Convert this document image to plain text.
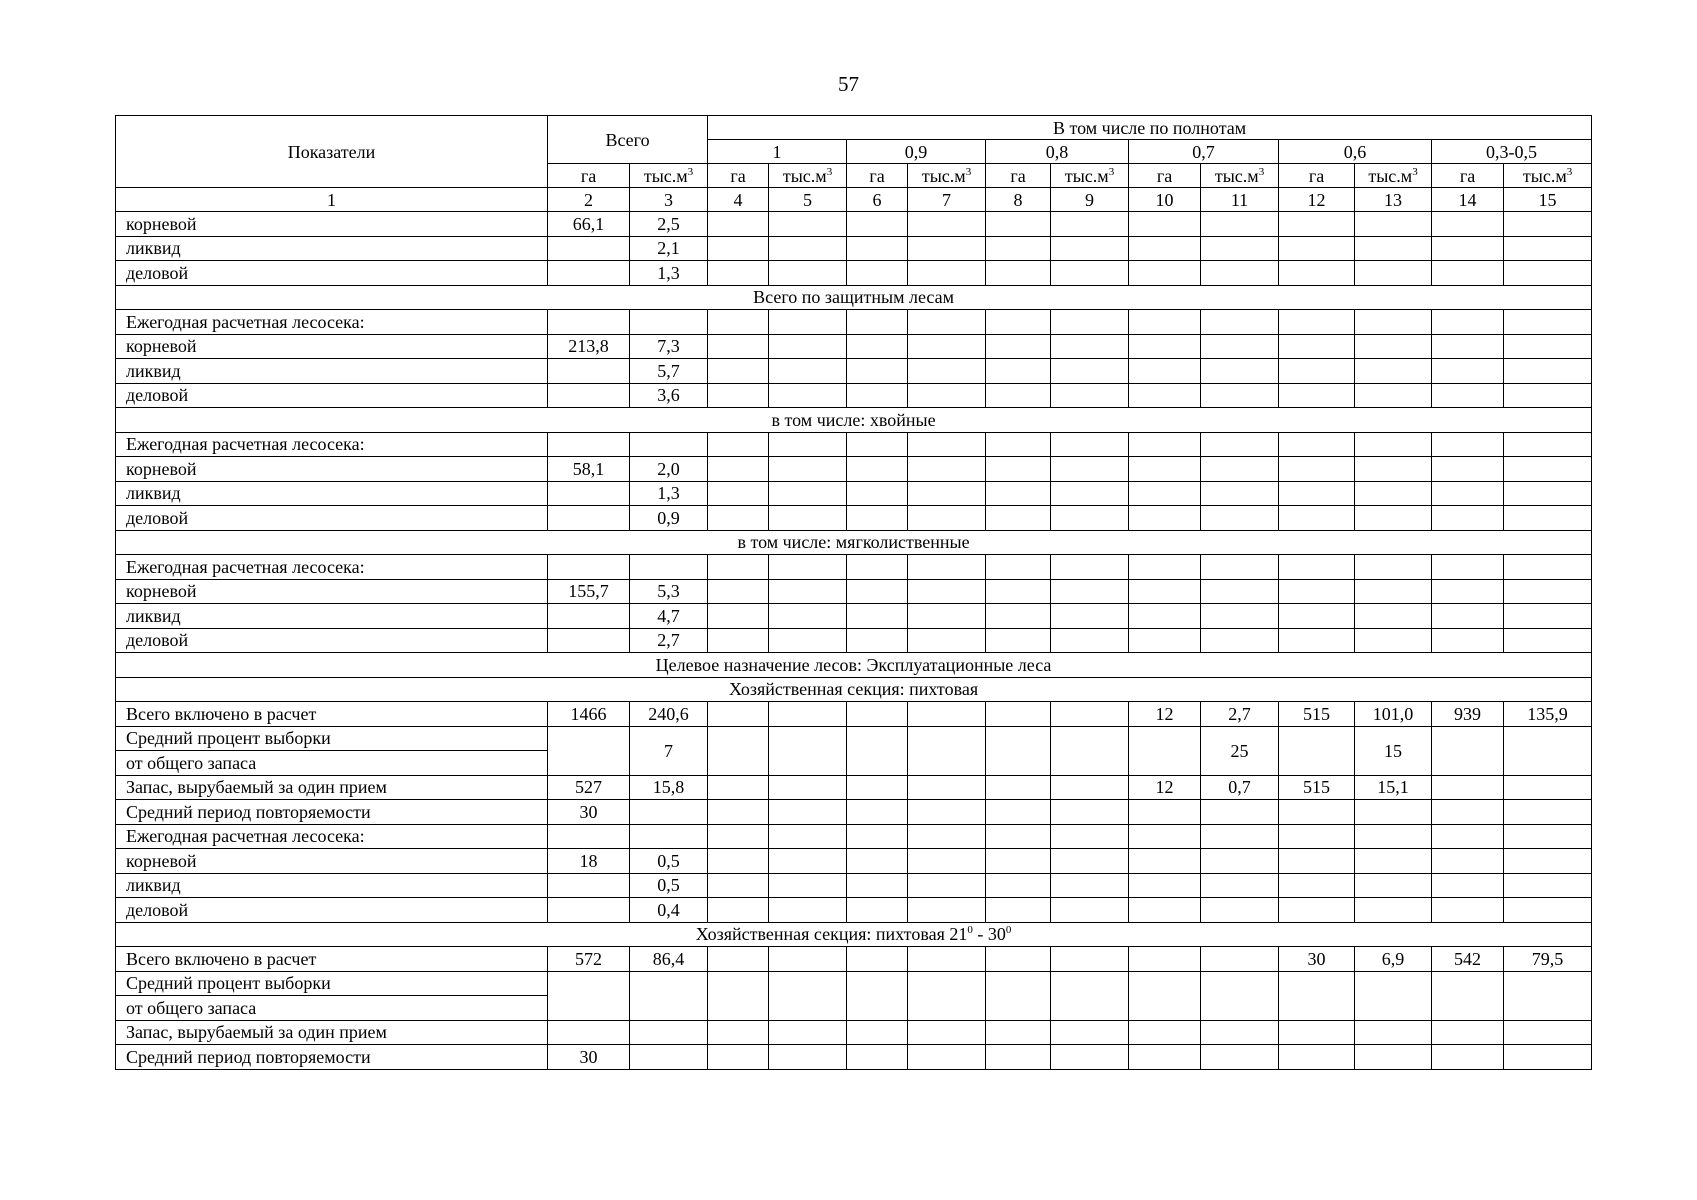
57
Показатели	Всего		В том числе по полнотам											
			1		0,9		0,8		0,7		0,6		0,3-0,5	
	га	$тыс.м^3$	га	$тыс.м^3$	га	$тыс.м^3$	га	$тыс.м^3$	га	$тыс.м^3$	га	$тыс.м^3$	га	$тыс.м^3$
1	2	3	4	5	6	7	8	9	10	11	12	13	14	15
корневой	66,1	2,5												
ликвид		2,1												
деловой		1,3												
Всего по защитным лесам														
Ежегодная расчетная лесосека:														
корневой	213,8	7,3												
ликвид		5,7												
деловой		3,6												
в том числе: хвойные														
Ежегодная расчетная лесосека:														
корневой	58,1	2,0												
ликвид		1,3												
деловой		0,9												
в том числе: мягколиственные														
Ежегодная расчетная лесосека:														
корневой	155,7	5,3												
ликвид		4,7												
деловой		2,7												
Целевое назначение лесов: Эксплуатационные леса														
Хозяйственная секция: пихтовая														
Всего включено в расчет	1466	240,6							12	2,7	515	101,0	939	135,9
Средний процент выборки		7								25		15		
от общего запаса														
Запас, вырубаемый за один прием	527	15,8							12	0,7	515	15,1		
Средний период повторяемости	30													
Ежегодная расчетная лесосека:														
корневой	18	0,5												
ликвид		0,5												
деловой		0,4												
Хозяйственная секция: пихтовая $21^0 - 30^0$
Всего включено в расчет	572	86,4									30	6,9	542	79,5
Средний процент выборки														
от общего запаса														
Запас, вырубаемый за один прием														
Средний период повторяемости	30													
